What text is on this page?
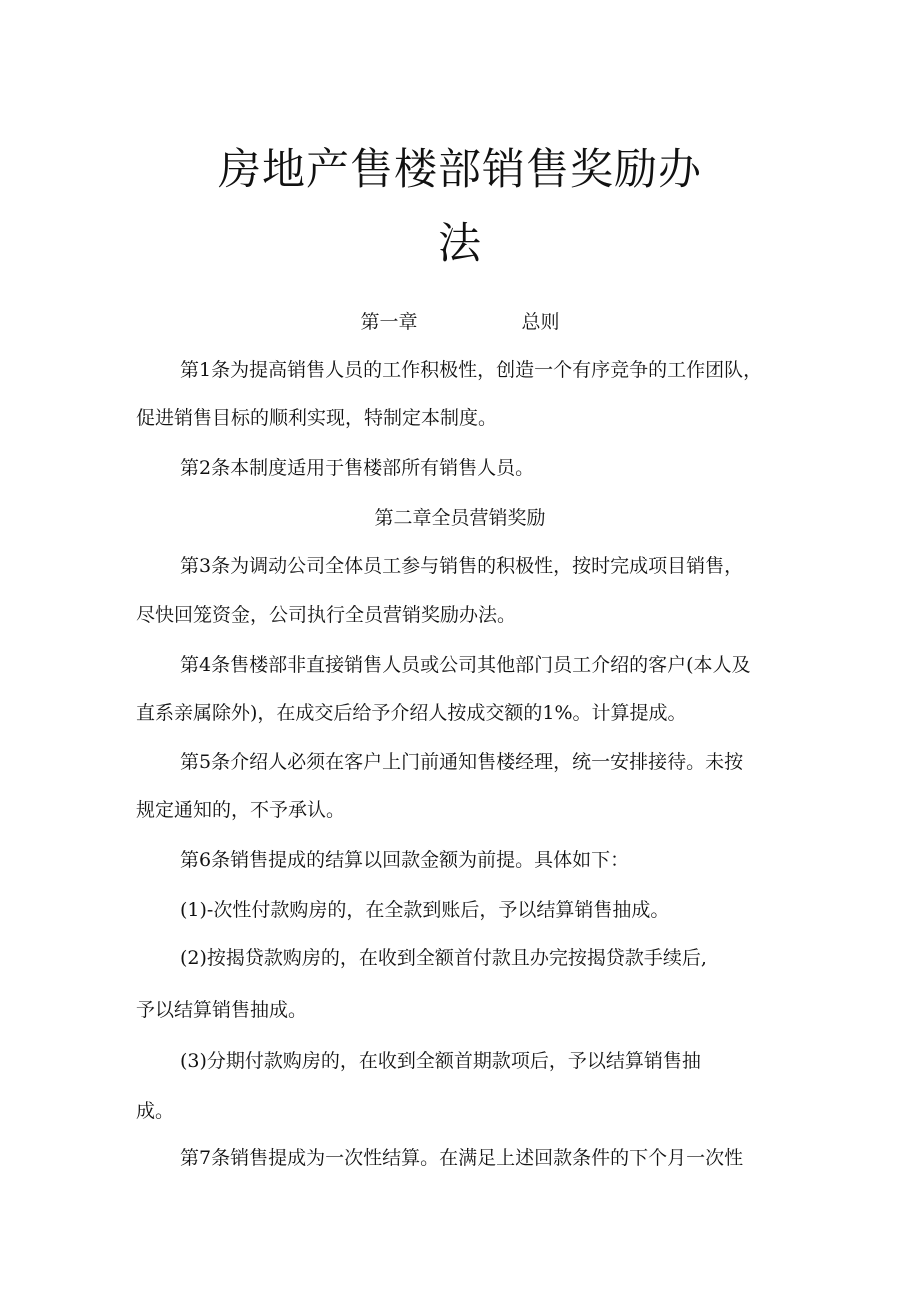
房地产售楼部销售奖励办
法
第一章	总则
第1条为提高销售人员的工作积极性，创造一个有序竞争的工作团队，
促进销售目标的顺利实现，特制定本制度。
第2条本制度适用于售楼部所有销售人员。
第二章全员营销奖励
第3条为调动公司全体员工参与销售的积极性，按时完成项目销售，
尽快回笼资金，公司执行全员营销奖励办法。
第4条售楼部非直接销售人员或公司其他部门员工介绍的客户(本人及
直系亲属除外)，在成交后给予介绍人按成交额的1%。计算提成。
第5条介绍人必须在客户上门前通知售楼经理，统一安排接待。未按
规定通知的，不予承认。
第6条销售提成的结算以回款金额为前提。具体如下：
(1)-次性付款购房的，在全款到账后，予以结算销售抽成。
(2)按揭贷款购房的，在收到全额首付款且办完按揭贷款手续后,
予以结算销售抽成。
(3)分期付款购房的，在收到全额首期款项后，予以结算销售抽
成。
第7条销售提成为一次性结算。在满足上述回款条件的下个月一次性
